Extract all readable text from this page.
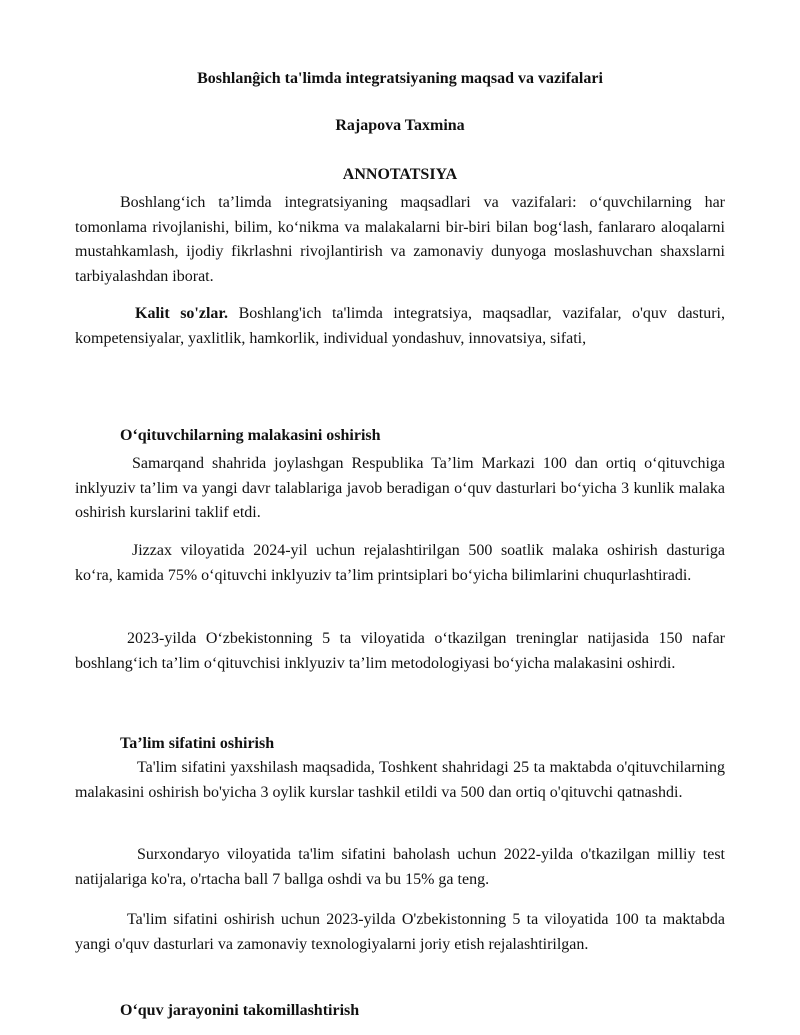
Boshlanĝich ta'limda integratsiyaning maqsad va vazifalari
Rajapova Taxmina
ANNOTATSIYA

Boshlang‘ich ta’limda integratsiyaning maqsadlari va vazifalari: o‘quvchilarning har tomonlama rivojlanishi, bilim, ko‘nikma va malakalarni bir-biri bilan bog‘lash, fanlararo aloqalarni mustahkamlash, ijodiy fikrlashni rivojlantirish va zamonaviy dunyoga moslashuvchan shaxslarni tarbiyalashdan iborat.

Kalit so'zlar. Boshlang'ich ta'limda integratsiya, maqsadlar, vazifalar, o'quv dasturi, kompetensiyalar, yaxlitlik, hamkorlik, individual yondashuv, innovatsiya, sifati,

O‘qituvchilarning malakasini oshirish

Samarqand shahrida joylashgan Respublika Ta’lim Markazi 100 dan ortiq o‘qituvchiga inklyuziv ta’lim va yangi davr talablariga javob beradigan o‘quv dasturlari bo‘yicha 3 kunlik malaka oshirish kurslarini taklif etdi.

Jizzax viloyatida 2024-yil uchun rejalashtirilgan 500 soatlik malaka oshirish dasturiga ko‘ra, kamida 75% o‘qituvchi inklyuziv ta’lim printsiplari bo‘yicha bilimlarini chuqurlashtiradi.

2023-yilda O‘zbekistonning 5 ta viloyatida o‘tkazilgan treninglar natijasida 150 nafar boshlang‘ich ta’lim o‘qituvchisi inklyuziv ta’lim metodologiyasi bo‘yicha malakasini oshirdi.

Ta’lim sifatini oshirish

Ta'lim sifatini yaxshilash maqsadida, Toshkent shahridagi 25 ta maktabda o'qituvchilarning malakasini oshirish bo'yicha 3 oylik kurslar tashkil etildi va 500 dan ortiq o'qituvchi qatnashdi.

Surxondaryo viloyatida ta'lim sifatini baholash uchun 2022-yilda o'tkazilgan milliy test natijalariga ko'ra, o'rtacha ball 7 ballga oshdi va bu 15% ga teng.

Ta'lim sifatini oshirish uchun 2023-yilda O'zbekistonning 5 ta viloyatida 100 ta maktabda yangi o'quv dasturlari va zamonaviy texnologiyalarni joriy etish rejalashtirilgan.

O‘quv jarayonini takomillashtirish
